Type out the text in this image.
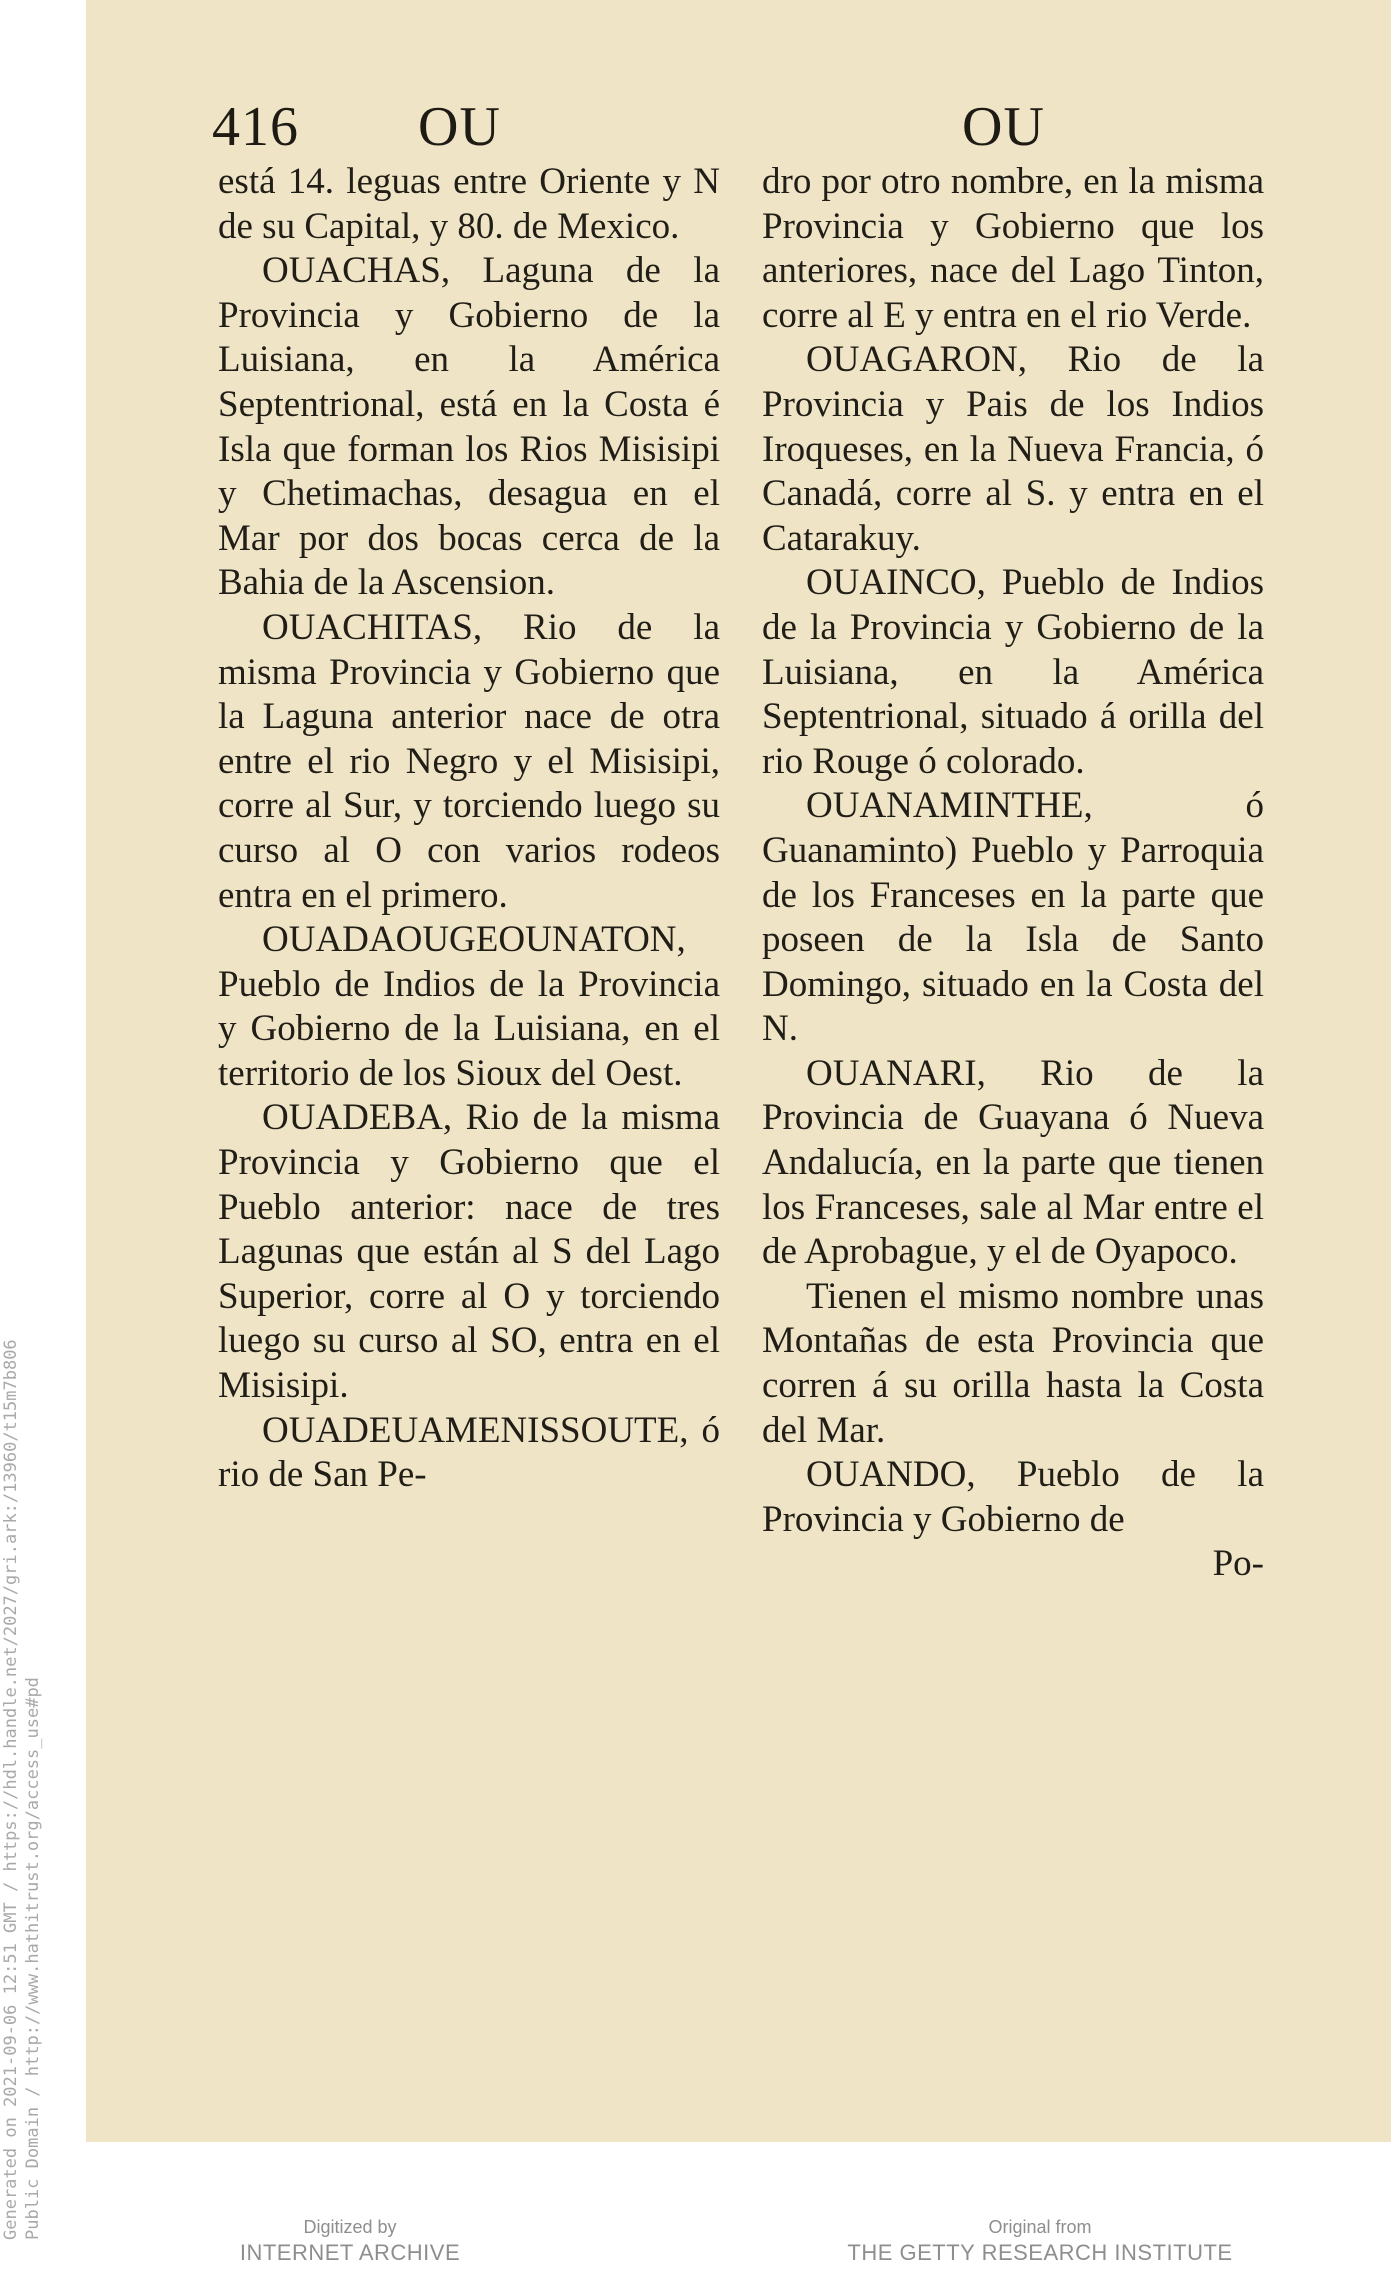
Generated on 2021-09-06 12:51 GMT / https://hdl.handle.net/2027/gri.ark:/13960/t15m7b806 Public Domain / http://www.hathitrust.org/access_use#pd
416 OU	OU

está 14. leguas entre Oriente y N de su Capital, y 80. de Mexico.

OUACHAS, Laguna de la Provincia y Gobierno de la Luisiana, en la América Septentrional, está en la Costa é Isla que forman los Rios Misisipi y Chetimachas, desagua en el Mar por dos bocas cerca de la Bahia de la Ascension.

OUACHITAS, Rio de la misma Provincia y Gobierno que la Laguna anterior nace de otra entre el rio Negro y el Misisipi, corre al Sur, y torciendo luego su curso al O con varios rodeos entra en el primero.

OUADAOUGEOUNATON, Pueblo de Indios de la Provincia y Gobierno de la Luisiana, en el territorio de los Sioux del Oest.

OUADEBA, Rio de la misma Provincia y Gobierno que el Pueblo anterior: nace de tres Lagunas que están al S del Lago Superior, corre al O y torciendo luego su curso al SO, entra en el Misisipi.

OUADEUAMENISSOUTE, ó rio de San Pe-

dro por otro nombre, en la misma Provincia y Gobierno que los anteriores, nace del Lago Tinton, corre al E y entra en el rio Verde.

OUAGARON, Rio de la Provincia y Pais de los Indios Iroqueses, en la Nueva Francia, ó Canadá, corre al S. y entra en el Catarakuy.

OUAINCO, Pueblo de Indios de la Provincia y Gobierno de la Luisiana, en la América Septentrional, situado á orilla del rio Rouge ó colorado.

OUANAMINTHE, ó Guanaminto) Pueblo y Parroquia de los Franceses en la parte que poseen de la Isla de Santo Domingo, situado en la Costa del N.

OUANARI, Rio de la Provincia de Guayana ó Nueva Andalucía, en la parte que tienen los Franceses, sale al Mar entre el de Aprobague, y el de Oyapoco.

Tienen el mismo nombre unas Montañas de esta Provincia que corren á su orilla hasta la Costa del Mar.

OUANDO, Pueblo de la Provincia y Gobierno de

Po-

Digitized by
INTERNET ARCHIVE
Original from
THE GETTY RESEARCH INSTITUTE
